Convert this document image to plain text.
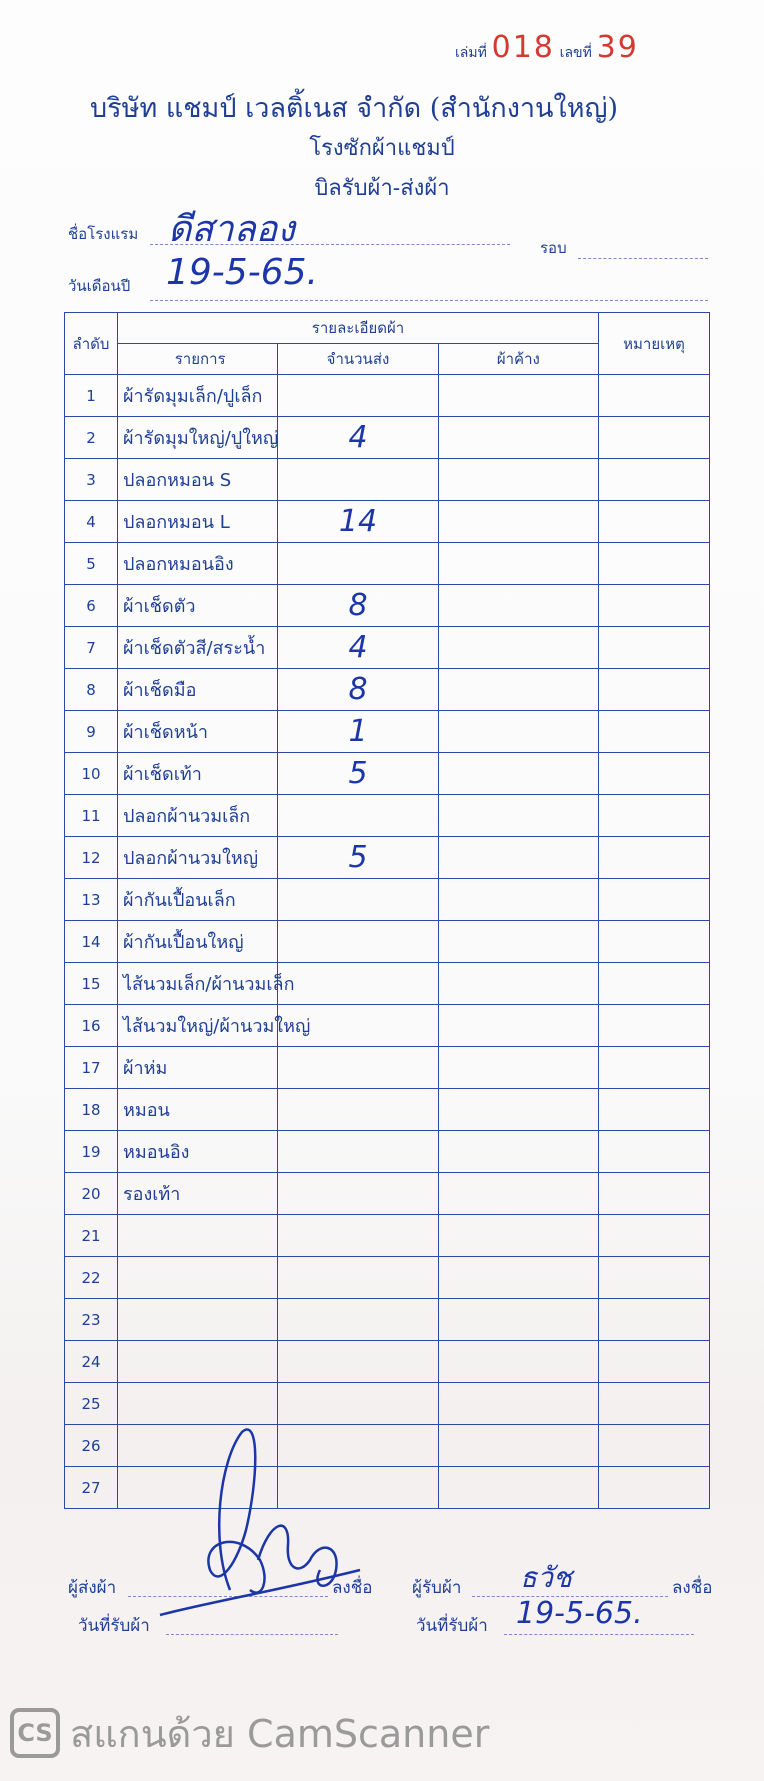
เล่มที่ 018 เลขที่ 39
บริษัท แชมป์ เวลติ้เนส จำกัด (สำนักงานใหญ่)
โรงซักผ้าแชมป์
บิลรับผ้า-ส่งผ้า
ชื่อโรงแรม ดีสาลอง	รอบ
วันเดือนปี 19-5-65.
ลำดับ	รายละเอียดผ้า			หมายเหตุ
	รายการ	จำนวนส่ง	ผ้าค้าง	
1	ผ้ารัดมุมเล็ก/ปูเล็ก			
2	ผ้ารัดมุมใหญ่/ปูใหญ่	4		
3	ปลอกหมอน S			
4	ปลอกหมอน L	14		
5	ปลอกหมอนอิง			
6	ผ้าเช็ดตัว	8		
7	ผ้าเช็ดตัวสี/สระน้ำ	4		
8	ผ้าเช็ดมือ	8		
9	ผ้าเช็ดหน้า	1		
10	ผ้าเช็ดเท้า	5		
11	ปลอกผ้านวมเล็ก			
12	ปลอกผ้านวมใหญ่	5		
13	ผ้ากันเปื้อนเล็ก			
14	ผ้ากันเปื้อนใหญ่			
15	ไส้นวมเล็ก/ผ้านวมเล็ก			
16	ไส้นวมใหญ่/ผ้านวมใหญ่			
17	ผ้าห่ม			
18	หมอน			
19	หมอนอิง			
20	รองเท้า			
21				
22				
23				
24				
25				
26				
27				
ผู้ส่งผ้า	ลงชื่อ ผู้รับผ้า ธวัช	ลงชื่อ
วันที่รับผ้า	วันที่รับผ้า 19-5-65.
CS สแกนด้วย CamScanner
